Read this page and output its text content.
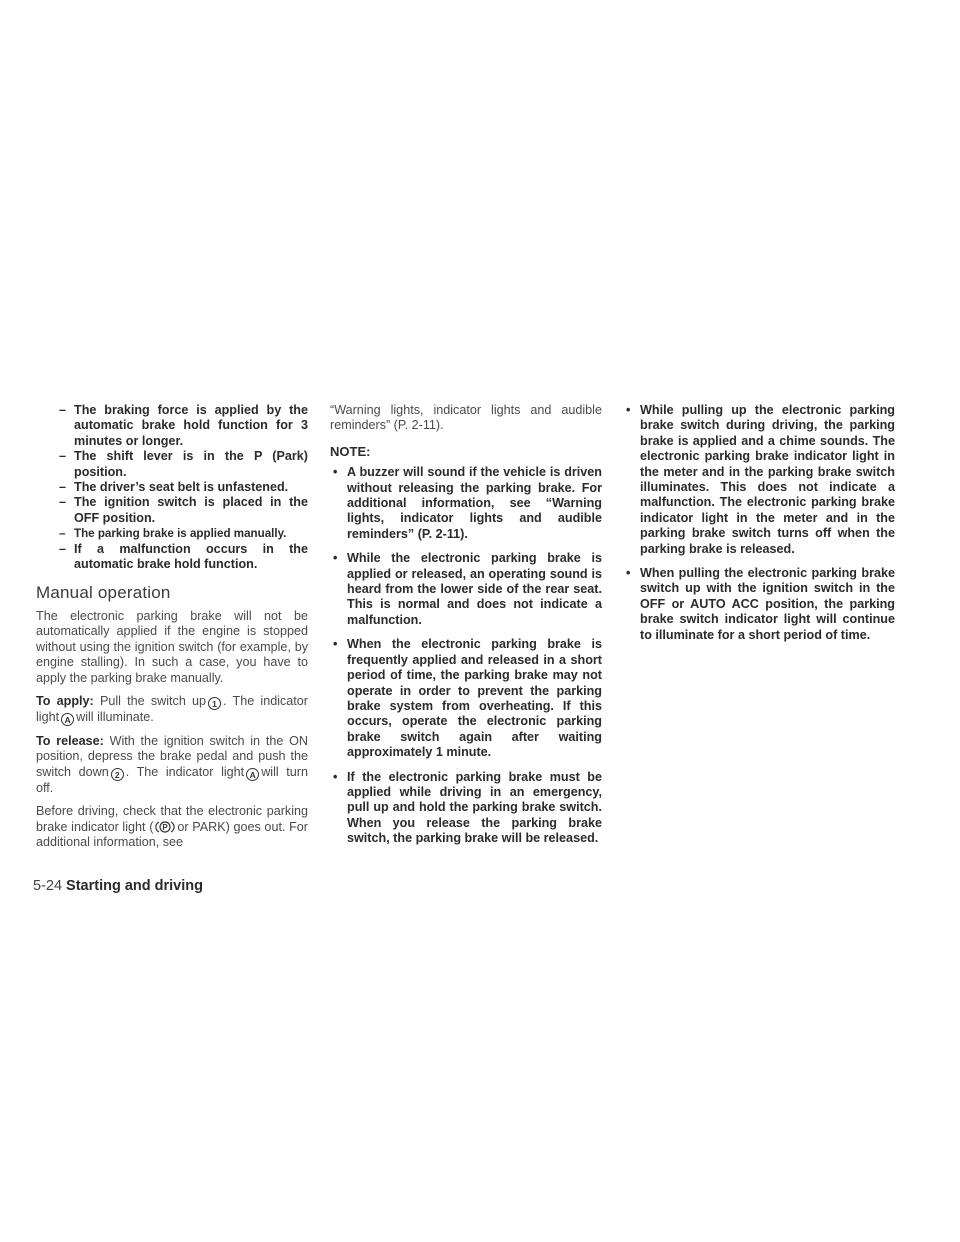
– The braking force is applied by the automatic brake hold function for 3 minutes or longer.
– The shift lever is in the P (Park) position.
– The driver’s seat belt is unfastened.
– The ignition switch is placed in the OFF position.
– The parking brake is applied manually.
– If a malfunction occurs in the automatic brake hold function.
Manual operation

The electronic parking brake will not be automatically applied if the engine is stopped without using the ignition switch (for example, by engine stalling). In such a case, you have to apply the parking brake manually.

To apply: Pull the switch up 1 . The indicator light A will illuminate.

To release: With the ignition switch in the ON position, depress the brake pedal and push the switch down 2 . The indicator light A will turn off.

Before driving, check that the electronic parking brake indicator light ( P or PARK) goes out. For additional information, see

“Warning lights, indicator lights and audible reminders” (P. 2-11).

NOTE:
• A buzzer will sound if the vehicle is driven without releasing the parking brake. For additional information, see “Warning lights, indicator lights and audible reminders” (P. 2-11).
• While the electronic parking brake is applied or released, an operating sound is heard from the lower side of the rear seat. This is normal and does not indicate a malfunction.
• When the electronic parking brake is frequently applied and released in a short period of time, the parking brake may not operate in order to prevent the parking brake system from overheating. If this occurs, operate the electronic parking brake switch again after waiting approximately 1 minute.
• If the electronic parking brake must be applied while driving in an emergency, pull up and hold the parking brake switch. When you release the parking brake switch, the parking brake will be released.
• While pulling up the electronic parking brake switch during driving, the parking brake is applied and a chime sounds. The electronic parking brake indicator light in the meter and in the parking brake switch illuminates. This does not indicate a malfunction. The electronic parking brake indicator light in the meter and in the parking brake switch turns off when the parking brake is released.
• When pulling the electronic parking brake switch up with the ignition switch in the OFF or AUTO ACC position, the parking brake switch indicator light will continue to illuminate for a short period of time.
5-24 Starting and driving
